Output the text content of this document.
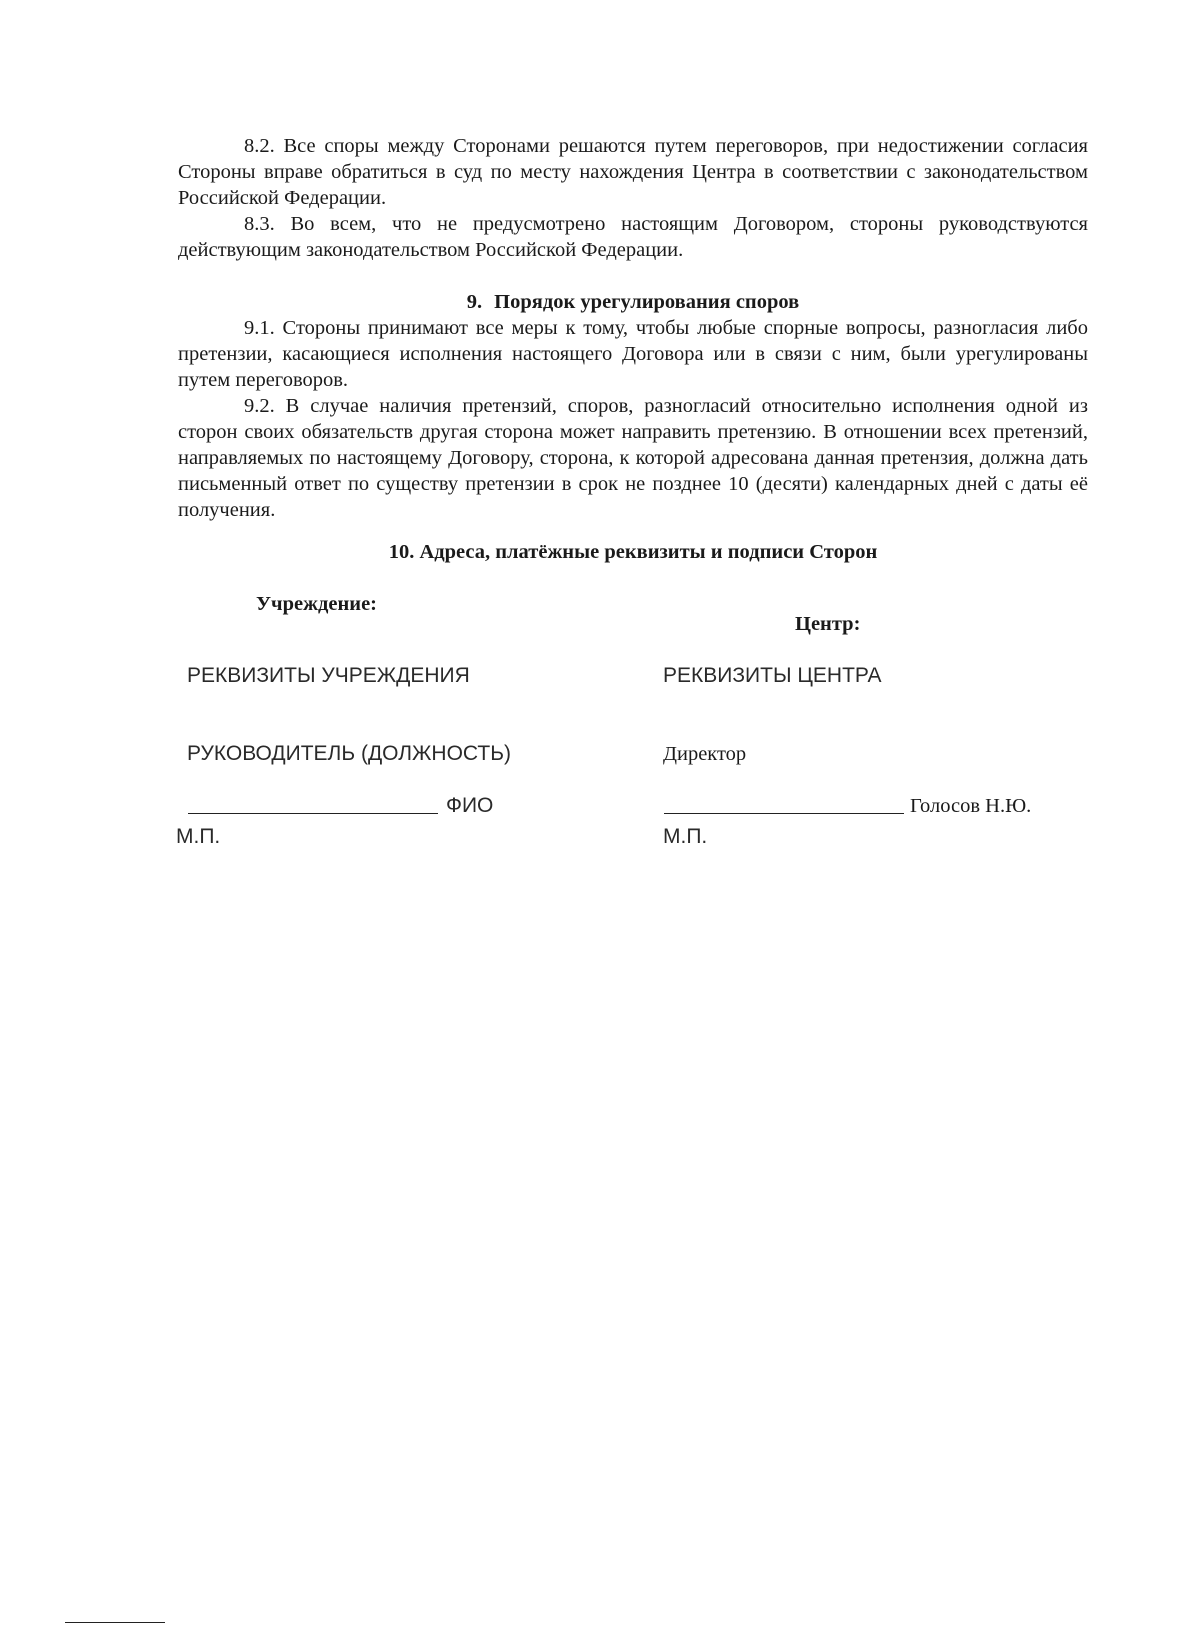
8.2. Все споры между Сторонами решаются путем переговоров, при недостижении согласия Стороны вправе обратиться в суд по месту нахождения Центра в соответствии с законодательством Российской Федерации.

8.3. Во всем, что не предусмотрено настоящим Договором, стороны руководствуются действующим законодательством Российской Федерации.

9. Порядок урегулирования споров

9.1. Стороны принимают все меры к тому, чтобы любые спорные вопросы, разногласия либо претензии, касающиеся исполнения настоящего Договора или в связи с ним, были урегулированы путем переговоров.

9.2. В случае наличия претензий, споров, разногласий относительно исполнения одной из сторон своих обязательств другая сторона может направить претензию. В отношении всех претензий, направляемых по настоящему Договору, сторона, к которой адресована данная претензия, должна дать письменный ответ по существу претензии в срок не позднее 10 (десяти) календарных дней с даты её получения.

10. Адреса, платёжные реквизиты и подписи Сторон
Учреждение:
РЕКВИЗИТЫ УЧРЕЖДЕНИЯ
РУКОВОДИТЕЛЬ (ДОЛЖНОСТЬ)
ФИО
М.П.
Центр:
РЕКВИЗИТЫ ЦЕНТРА
Директор
Голосов Н.Ю.
М.П.
